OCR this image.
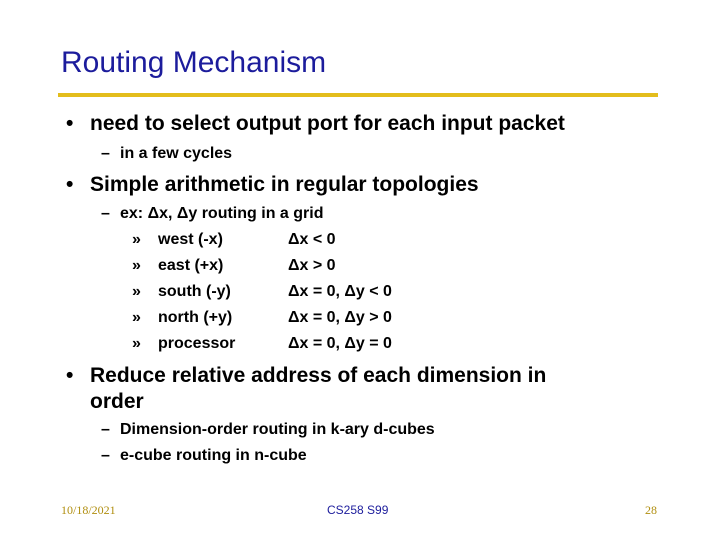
Routing Mechanism
• need to select output port for each input packet
– in a few cycles
• Simple arithmetic in regular topologies
– ex: Δx, Δy routing in a grid
» west (-x)	Δx < 0
» east (+x)	Δx > 0
» south (-y)	Δx = 0, Δy < 0
» north (+y)	Δx = 0, Δy > 0
» processor	Δx = 0, Δy = 0
• Reduce relative address of each dimension in
order
– Dimension-order routing in k-ary d-cubes
– e-cube routing in n-cube
10/18/2021	CS258 S99	28
